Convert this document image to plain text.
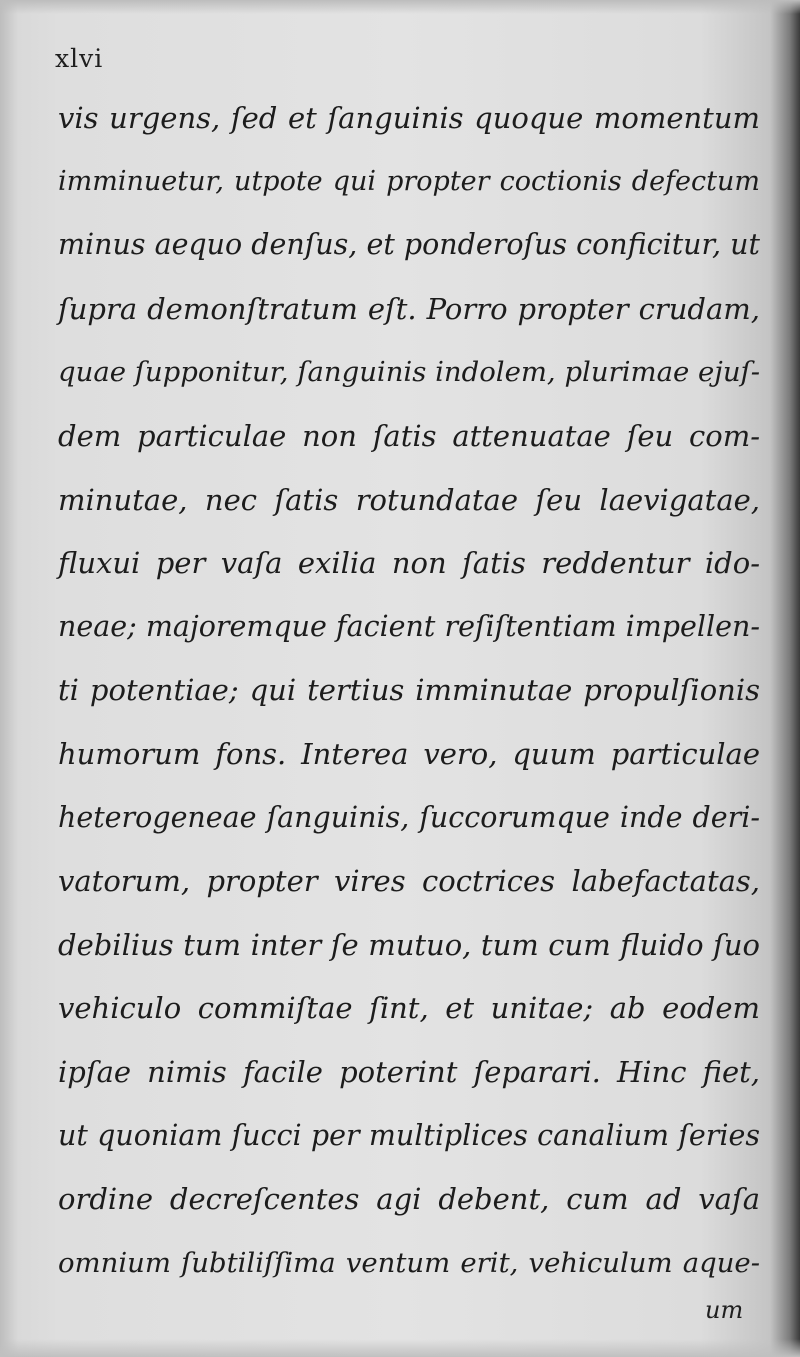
xlvi
vis urgens, ſed et ſanguinis quoque momentum
imminuetur, utpote qui propter coctionis defectum
minus aequo denſus, et ponderoſus conficitur, ut
ſupra demonſtratum eſt. Porro propter crudam,
quae ſupponitur, ſanguinis indolem, plurimae ejuſ-
dem particulae non ſatis attenuatae ſeu com-
minutae, nec ſatis rotundatae ſeu laevigatae,
fluxui per vaſa exilia non ſatis reddentur ido-
neae; majoremque facient reſiſtentiam impellen-
ti potentiae; qui tertius imminutae propulſionis
humorum fons. Interea vero, quum particulae
heterogeneae ſanguinis, ſuccorumque inde deri-
vatorum, propter vires coctrices labefactatas,
debilius tum inter ſe mutuo, tum cum fluido ſuo
vehiculo commiſtae ſint, et unitae; ab eodem
ipſae nimis facile poterint ſeparari. Hinc fiet,
ut quoniam ſucci per multiplices canalium ſeries
ordine decreſcentes agi debent, cum ad vaſa
omnium ſubtiliſſima ventum erit, vehiculum aque-
um
